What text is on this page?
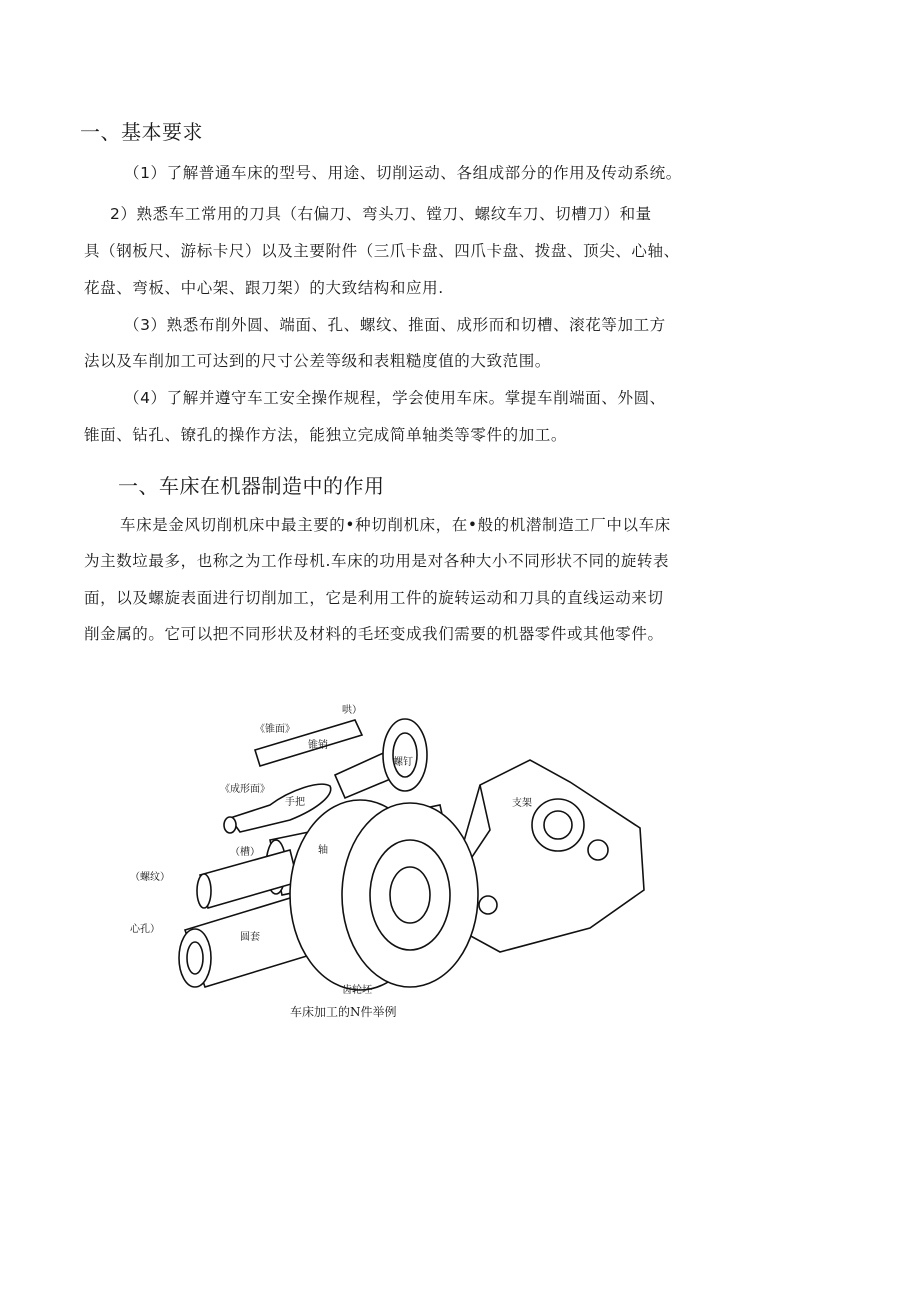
一、基本要求

（1）了解普通车床的型号、用途、切削运动、各组成部分的作用及传动系统。

2）熟悉车工常用的刀具（右偏刀、弯头刀、镗刀、螺纹车刀、切槽刀）和量

具（钢板尺、游标卡尺）以及主要附件（三爪卡盘、四爪卡盘、拨盘、顶尖、心轴、

花盘、弯板、中心架、跟刀架）的大致结构和应用.

（3）熟悉布削外圆、端面、孔、螺纹、推面、成形而和切槽、滚花等加工方

法以及车削加工可达到的尺寸公差等级和表粗糙度值的大致范围。

（4）了解并遵守车工安全操作规程，学会使用车床。掌提车削端面、外圆、

锥面、钻孔、镣孔的操作方法，能独立完成简单轴类等零件的加工。

一、车床在机器制造中的作用

车床是金风切削机床中最主要的•种切削机床，在•般的机潜制造工厂中以车床

为主数垃最多，也称之为工作母机.车床的功用是对各种大小不同形状不同的旋转表

面，以及螺旋表面进行切削加工，它是利用工件的旋转运动和刀具的直线运动来切

削金属的。它可以把不同形状及材料的毛坯变成我们需要的机器零件或其他零件。

哄）
《锥面》
锥销
螺钉
《成形面》
手把	支架
（槽）	轴
（螺纹）
心孔）
圆套
齿轮坯
车床加工的N件举例
